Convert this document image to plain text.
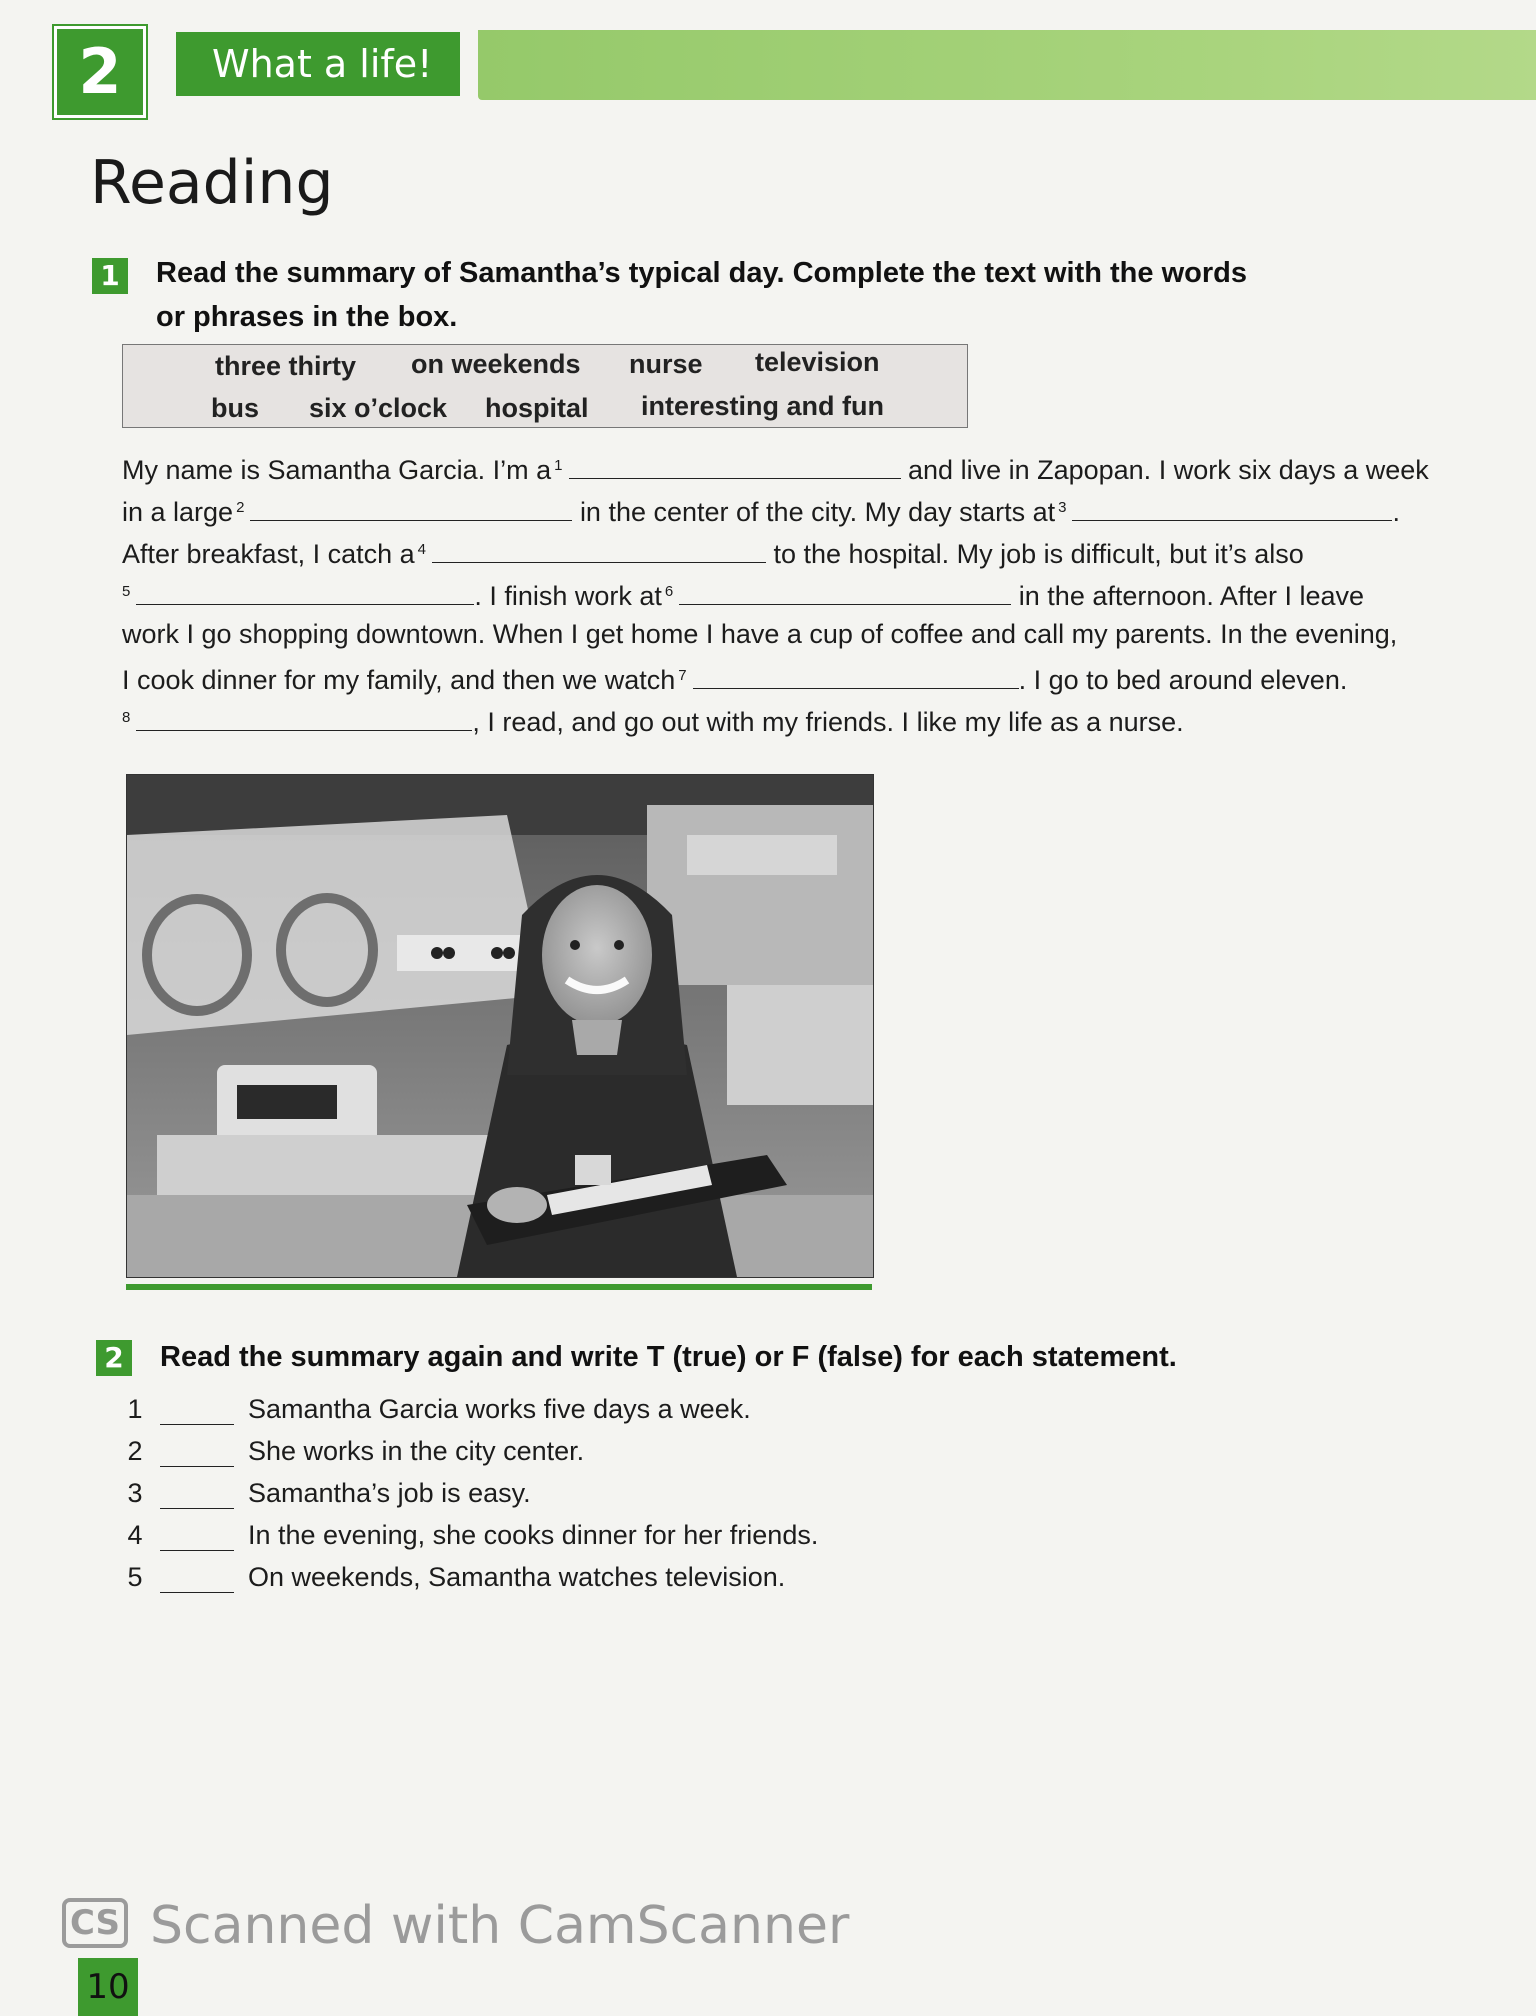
2	What a life!
Reading
1 Read the summary of Samantha’s typical day. Complete the text with the words
or phrases in the box.
three thirty on weekends nurse television
bus six o’clock hospital interesting and fun
My name is Samantha Garcia. I’m a $^1$	and live in Zapopan. I work six days a week
in a large $^2$	in the center of the city. My day starts at $^3$	.
After breakfast, I catch a $^4$	to the hospital. My job is difficult, but it’s also
$^5$	. I finish work at $^6$	in the afternoon. After I leave
work I go shopping downtown. When I get home I have a cup of coffee and call my parents. In the evening,
I cook dinner for my family, and then we watch $^7$	. I go to bed around eleven.
$^8$	, I read, and go out with my friends. I like my life as a nurse.
2 Read the summary again and write T (true) or F (false) for each statement.
1	Samantha Garcia works five days a week.
2	She works in the city center.
3	Samantha’s job is easy.
4	In the evening, she cooks dinner for her friends.
5	On weekends, Samantha watches television.
CS Scanned with CamScanner
10
